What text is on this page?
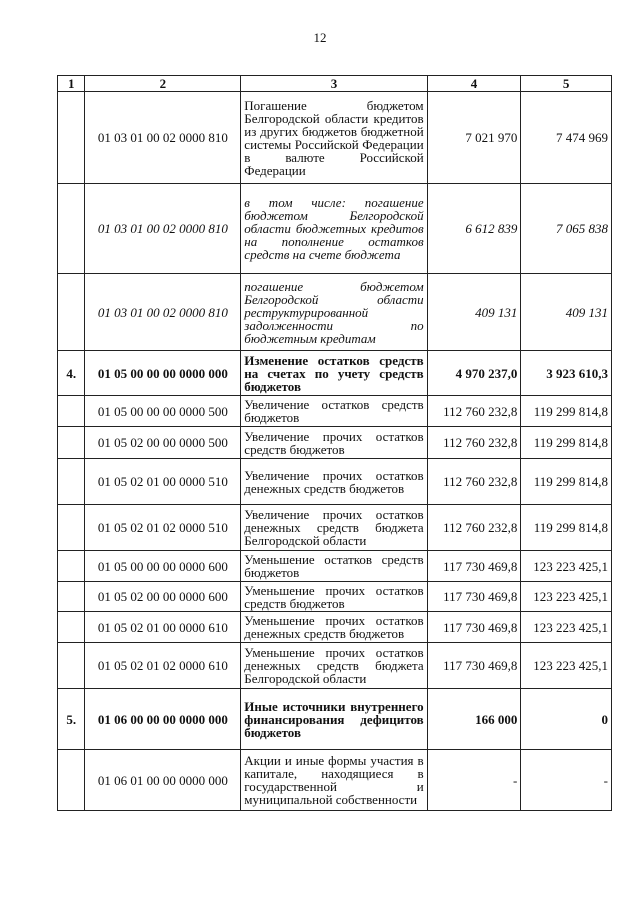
12
1	2	3	4	5
	01 03 01 00 02 0000 810	Погашение бюджетом Белгородской области кредитов из других бюджетов бюджетной системы Российской Федерации в валюте Российской Федерации	7 021 970	7 474 969
	01 03 01 00 02 0000 810	в том числе: погашение бюджетом Белгородской области бюджетных кредитов на пополнение остатков средств на счете бюджета	6 612 839	7 065 838
	01 03 01 00 02 0000 810	погашение бюджетом Белгородской области реструктурированной задолженности по бюджетным кредитам	409 131	409 131
4.	01 05 00 00 00 0000 000	Изменение остатков средств на счетах по учету средств бюджетов	4 970 237,0	3 923 610,3
	01 05 00 00 00 0000 500	Увеличение остатков средств бюджетов	112 760 232,8	119 299 814,8
	01 05 02 00 00 0000 500	Увеличение прочих остатков средств бюджетов	112 760 232,8	119 299 814,8
	01 05 02 01 00 0000 510	Увеличение прочих остатков денежных средств бюджетов	112 760 232,8	119 299 814,8
	01 05 02 01 02 0000 510	Увеличение прочих остатков денежных средств бюджета Белгородской области	112 760 232,8	119 299 814,8
	01 05 00 00 00 0000 600	Уменьшение остатков средств бюджетов	117 730 469,8	123 223 425,1
	01 05 02 00 00 0000 600	Уменьшение прочих остатков средств бюджетов	117 730 469,8	123 223 425,1
	01 05 02 01 00 0000 610	Уменьшение прочих остатков денежных средств бюджетов	117 730 469,8	123 223 425,1
	01 05 02 01 02 0000 610	Уменьшение прочих остатков денежных средств бюджета Белгородской области	117 730 469,8	123 223 425,1
5.	01 06 00 00 00 0000 000	Иные источники внутреннего финансирования дефицитов бюджетов	166 000	0
	01 06 01 00 00 0000 000	Акции и иные формы участия в капитале, находящиеся в государственной и муниципальной собственности	-	-
